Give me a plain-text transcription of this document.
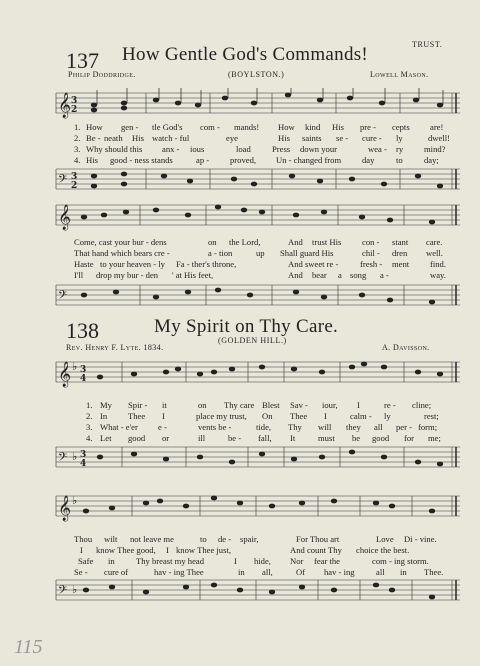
137 How Gentle God's Commands!	TRUST.
Philip Doddridge.	(BOYLSTON.)	Lowell Mason.
𝄞 3
2
1. How gen - tle God's com - mands! How kind His pre - cepts are!
2. Be - neath His watch - ful	eye	His saints se - cure - ly	dwell!
3. Why should this anx - ious	load Press down your	wea - ry mind?
4. His good - ness stands	ap - proved, Un - changed from day	to day;
𝄢 3
2
𝄞
Come, cast your bur - dens	on the Lord,	And trust His con - stant care.
That hand which bears cre -	a - tion	up Shall guard His	chil - dren well.
Haste to your heaven - ly Fa - ther's throne,	And sweet re -	fresh - ment find.
I'll drop my bur - den ' at His feet,	And bear a song a -	way.
𝄢
138	My Spirit on Thy Care.
Rev. Henry F. Lyte. 1834.
(GOLDEN HILL.)
A. Davisson.
𝄞 ♭ 3
4
1. My Spir - it	on Thy care Blest Sav - iour, I	re - cline;
2. In Thee I	place my trust, On Thee I	calm - ly	rest;
3. What - e'er e -	vents be -	tide, Thy will they all per - form;
4. Let good or	ill	be - fall, It	must be good for me;
𝄢 ♭ 3
4
𝄞 ♭
Thou wilt not leave me	to de - spair,	For Thou art	Love Di - vine.
I know Thee good, I know Thee just,	And count Thy choice the best.
Safe in Thy breast my head	I hide, Nor fear the	com - ing storm.
Se - cure of	hav - ing Thee	in all,	Of hav - ing all in Thee.
𝄢 ♭
115
